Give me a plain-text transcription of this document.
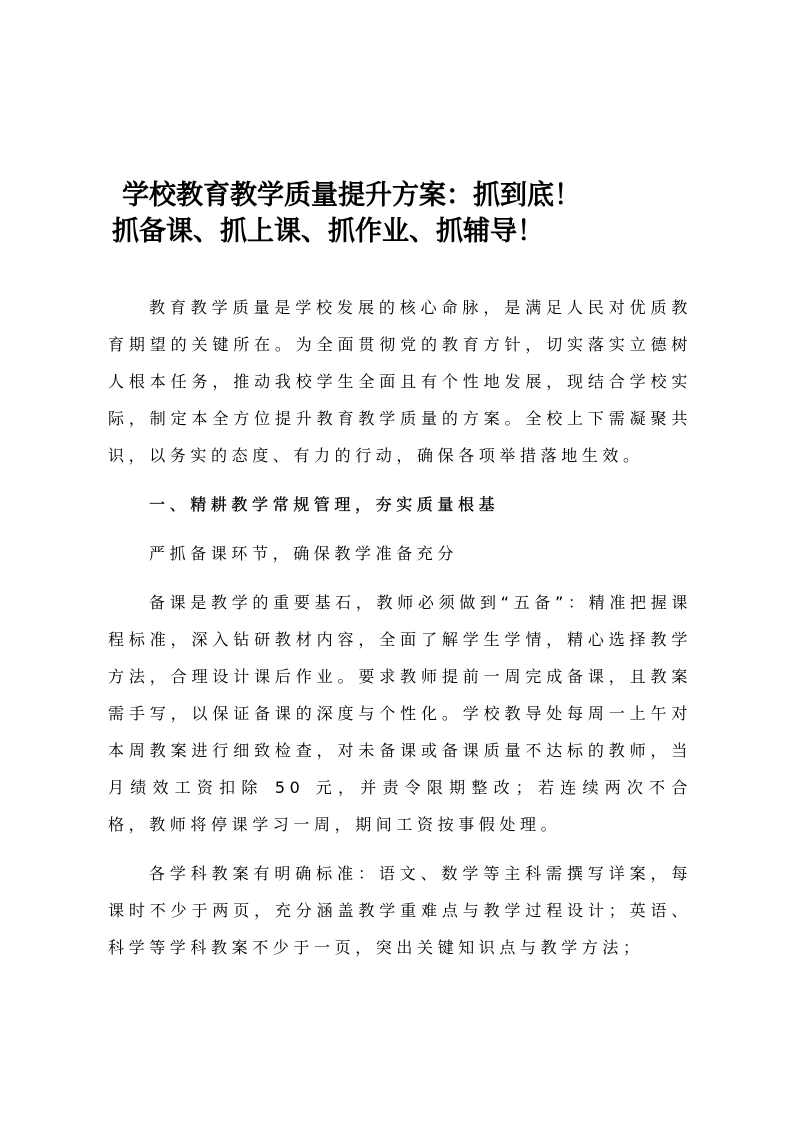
学校教育教学质量提升方案：抓到底！
抓备课、抓上课、抓作业、抓辅导！

教育教学质量是学校发展的核心命脉，是满足人民对优质教育期望的关键所在。为全面贯彻党的教育方针，切实落实立德树人根本任务，推动我校学生全面且有个性地发展，现结合学校实际，制定本全方位提升教育教学质量的方案。全校上下需凝聚共识，以务实的态度、有力的行动，确保各项举措落地生效。

一、精耕教学常规管理，夯实质量根基

严抓备课环节，确保教学准备充分

备课是教学的重要基石，教师必须做到“五备”：精准把握课程标准，深入钻研教材内容，全面了解学生学情，精心选择教学方法，合理设计课后作业。要求教师提前一周完成备课，且教案需手写，以保证备课的深度与个性化。学校教导处每周一上午对本周教案进行细致检查，对未备课或备课质量不达标的教师，当月绩效工资扣除 50 元，并责令限期整改；若连续两次不合格，教师将停课学习一周，期间工资按事假处理。

各学科教案有明确标准：语文、数学等主科需撰写详案，每课时不少于两页，充分涵盖教学重难点与教学过程设计；英语、科学等学科教案不少于一页，突出关键知识点与教学方法；
